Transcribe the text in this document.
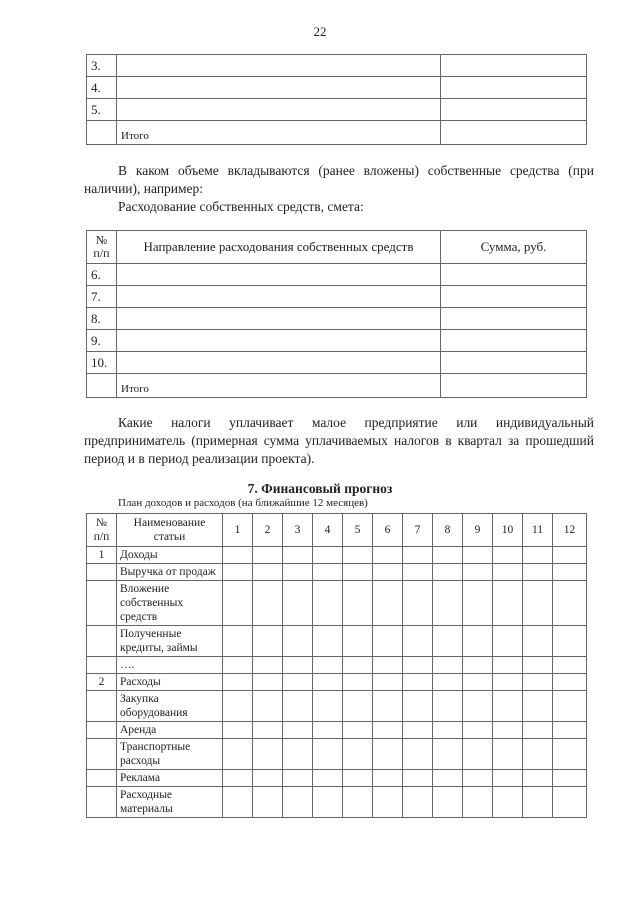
22
3.		
4.		
5.		
	Итого	
В каком объеме вкладываются (ранее вложены) собственные средства (при наличии), например:
Расходование собственных средств, смета:
№ п/п	Направление расходования собственных средств	Сумма, руб.
6.		
7.		
8.		
9.		
10.		
	Итого	
Какие налоги уплачивает малое предприятие или индивидуальный предприниматель (примерная сумма уплачиваемых налогов в квартал за прошедший период и в период реализации проекта).
7. Финансовый прогноз
План доходов и расходов (на ближайшие 12 месяцев)
№ п/п	Наименование статьи	1	2	3	4	5	6	7	8	9	10	11	12
1	Доходы												
	Выручка от продаж												
	Вложение собственных средств												
	Полученные кредиты, займы												
	….												
2	Расходы												
	Закупка оборудования												
	Аренда												
	Транспортные расходы												
	Реклама												
	Расходные материалы												
